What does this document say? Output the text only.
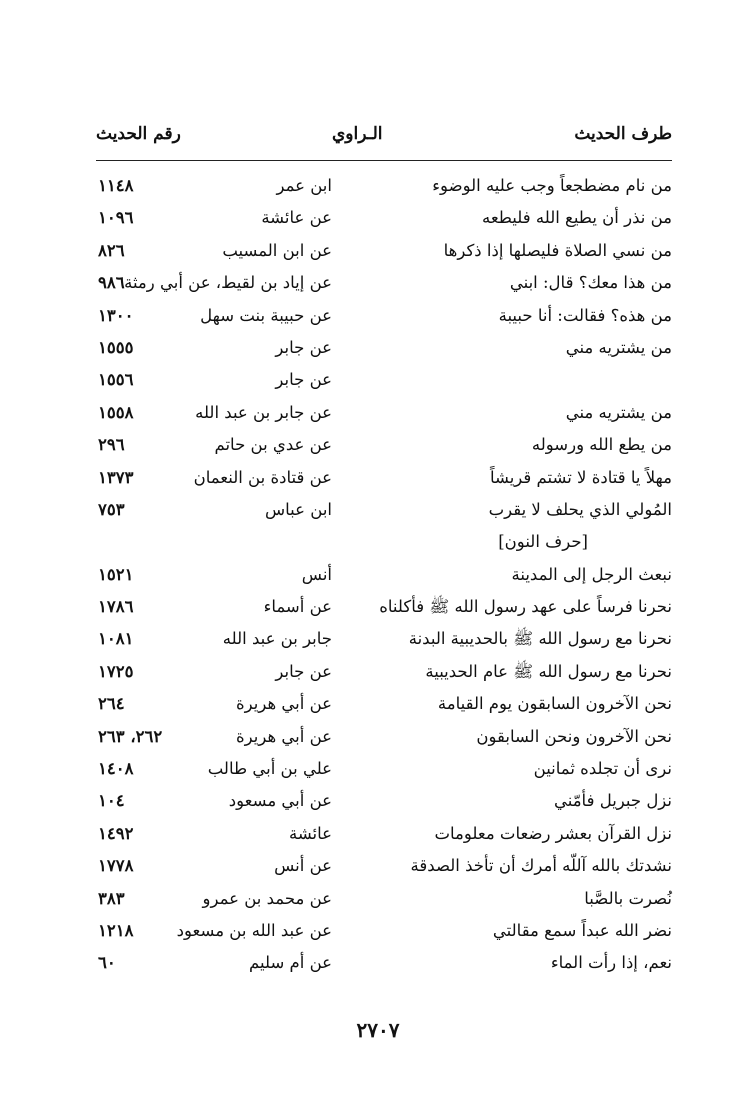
طرف الحديث
الـراوي
رقم الحديث
من نام مضطجعاً وجب عليه الوضوء
ابن عمر
١١٤٨
من نذر أن يطيع الله فليطعه
عن عائشة
١٠٩٦
من نسي الصلاة فليصلها إذا ذكرها
عن ابن المسيب
٨٢٦
من هذا معك؟ قال: ابني
عن إياد بن لقيط، عن أبي رمثة
٩٨٦
من هذه؟ فقالت: أنا حبيبة
عن حبيبة بنت سهل
١٣٠٠
من يشتريه مني
عن جابر
١٥٥٥
عن جابر
١٥٥٦
من يشتريه مني
عن جابر بن عبد الله
١٥٥٨
من يطع الله ورسوله
عن عدي بن حاتم
٢٩٦
مهلاً يا قتادة لا تشتم قريشاً
عن قتادة بن النعمان
١٣٧٣
المُولي الذي يحلف لا يقرب
ابن عباس
٧٥٣
[حرف النون]
نبعث الرجل إلى المدينة
أنس
١٥٢١
نحرنا فرساً على عهد رسول الله ﷺ فأكلناه
عن أسماء
١٧٨٦
نحرنا مع رسول الله ﷺ بالحديبية البدنة
جابر بن عبد الله
١٠٨١
نحرنا مع رسول الله ﷺ عام الحديبية
عن جابر
١٧٢٥
نحن الآخرون السابقون يوم القيامة
عن أبي هريرة
٢٦٤
نحن الآخرون ونحن السابقون
عن أبي هريرة
٢٦٢، ٢٦٣
نرى أن تجلده ثمانين
علي بن أبي طالب
١٤٠٨
نزل جبريل فأمّني
عن أبي مسعود
١٠٤
نزل القرآن بعشر رضعات معلومات
عائشة
١٤٩٢
نشدتك بالله آللّه أمرك أن تأخذ الصدقة
عن أنس
١٧٧٨
نُصرت بالصَّبا
عن محمد بن عمرو
٣٨٣
نضر الله عبداً سمع مقالتي
عن عبد الله بن مسعود
١٢١٨
نعم، إذا رأت الماء
عن أم سليم
٦٠
٢٧٠٧
